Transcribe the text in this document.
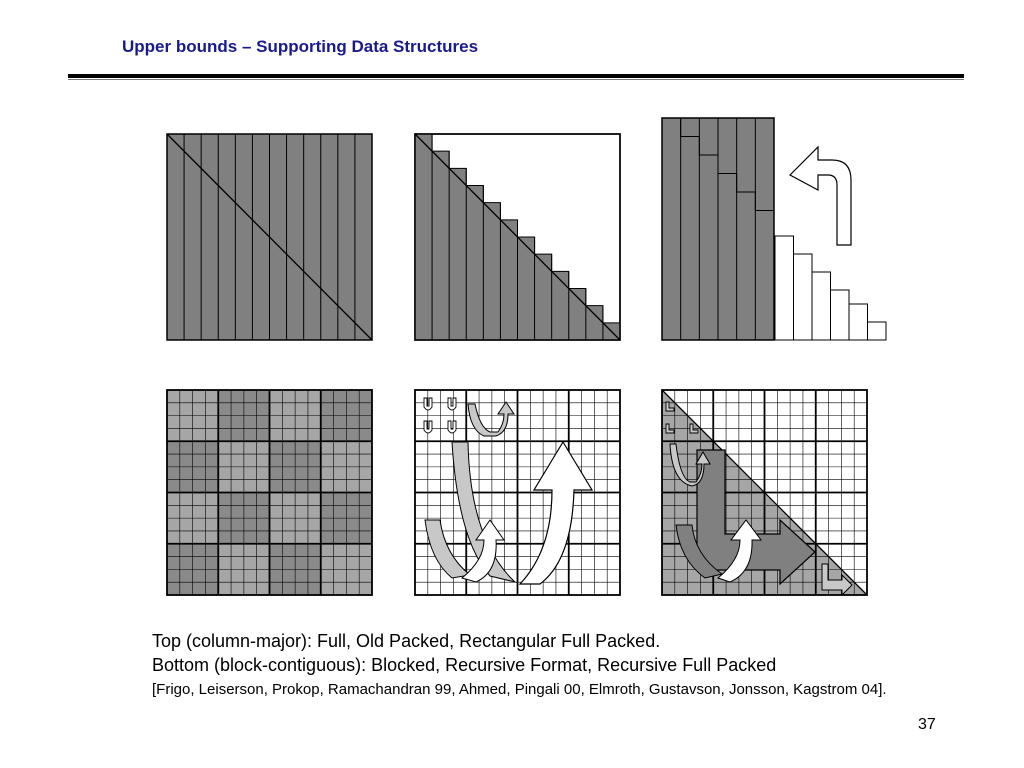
Upper bounds – Supporting Data Structures
Top (column-major): Full, Old Packed, Rectangular Full Packed.
Bottom (block-contiguous): Blocked, Recursive Format, Recursive Full Packed
[Frigo, Leiserson, Prokop, Ramachandran 99, Ahmed, Pingali 00, Elmroth, Gustavson, Jonsson, Kagstrom 04].
37
